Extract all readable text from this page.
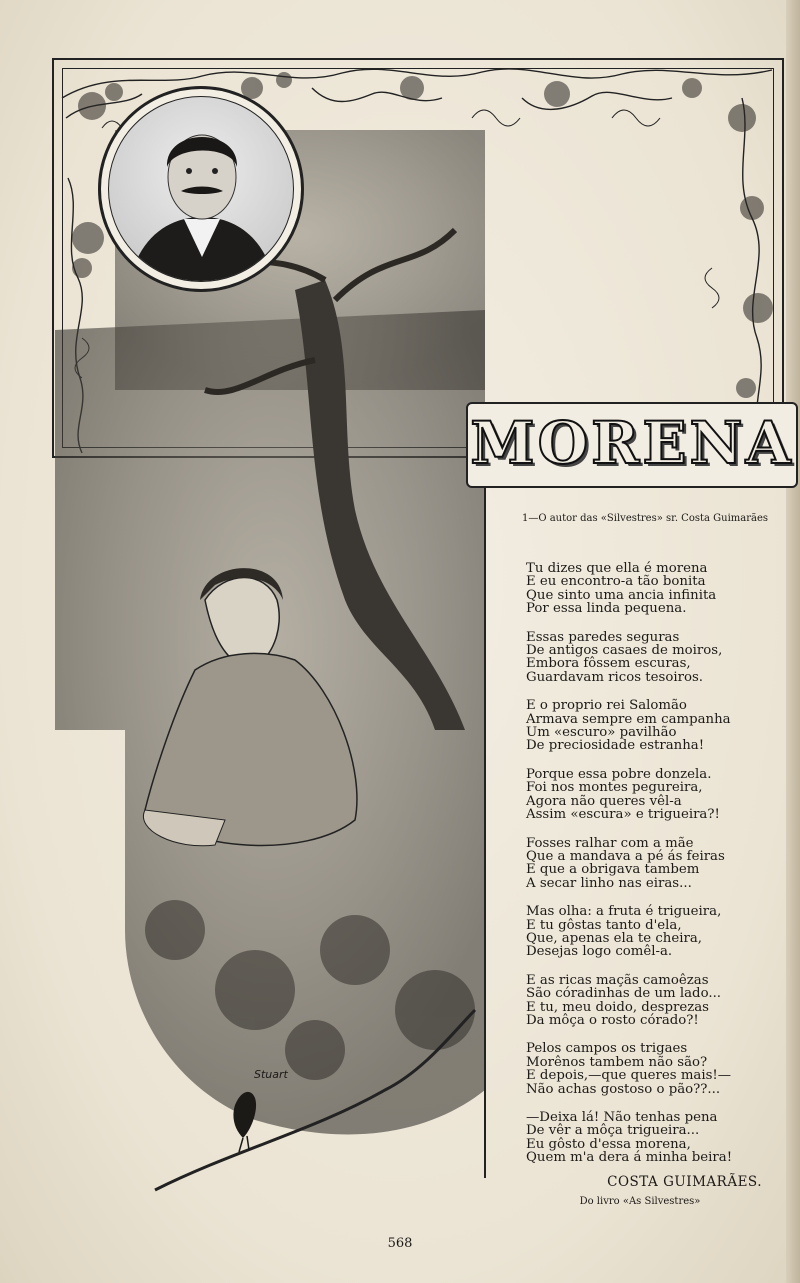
Stuart
MORENA
1—O autor das «Silvestres» sr. Costa Guimarães
Tu dizes que ella é morena
E eu encontro-a tão bonita
Que sinto uma ancia infinita
Por essa linda pequena.
Essas paredes seguras
De antigos casaes de moiros,
Embora fôssem escuras,
Guardavam ricos tesoiros.
E o proprio rei Salomão
Armava sempre em campanha
Um «escuro» pavilhão
De preciosidade estranha!
Porque essa pobre donzela.
Foi nos montes pegureira,
Agora não queres vêl-a
Assim «escura» e trigueira?!
Fosses ralhar com a mãe
Que a mandava a pé ás feiras
E que a obrigava tambem
A secar linho nas eiras...
Mas olha: a fruta é trigueira,
E tu gôstas tanto d'ela,
Que, apenas ela te cheira,
Desejas logo comêl-a.
E as ricas maçãs camoêzas
São córadinhas de um lado...
E tu, meu doido, desprezas
Da môça o rosto córado?!
Pelos campos os trigaes
Morênos tambem não são?
E depois,—que queres mais!—
Não achas gostoso o pão??...
—Deixa lá! Não tenhas pena
De vêr a môça trigueira...
Eu gôsto d'essa morena,
Quem m'a dera á minha beira!
COSTA GUIMARÃES.
Do livro «As Silvestres»
568
